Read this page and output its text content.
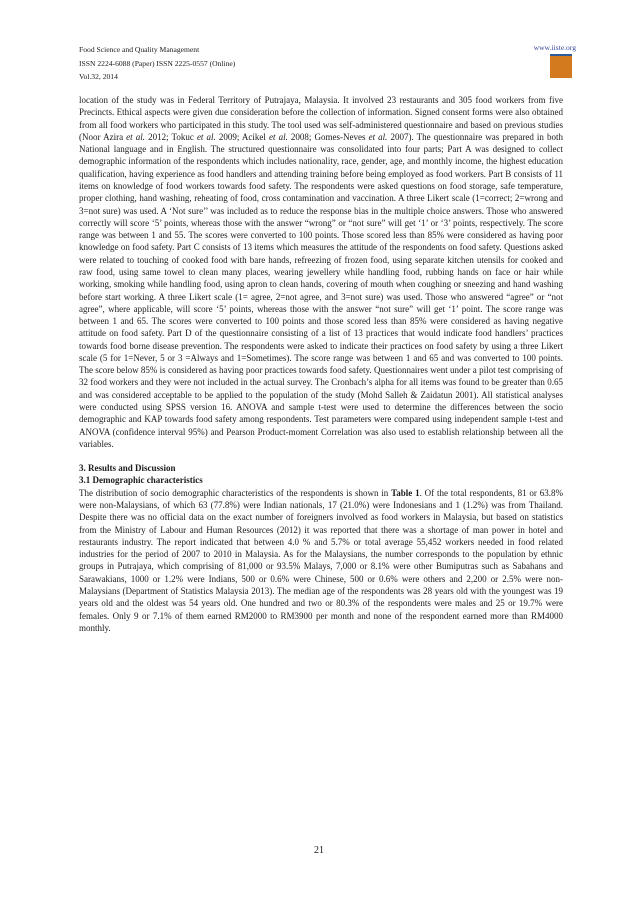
Food Science and Quality Management
ISSN 2224-6088 (Paper) ISSN 2225-0557 (Online)
Vol.32, 2014
www.iiste.org

location of the study was in Federal Territory of Putrajaya, Malaysia. It involved 23 restaurants and 305 food workers from five Precincts. Ethical aspects were given due consideration before the collection of information. Signed consent forms were also obtained from all food workers who participated in this study. The tool used was self-administered questionnaire and based on previous studies (Noor Azira et al. 2012; Tokuc et al. 2009; Acikel et al. 2008; Gomes-Neves et al. 2007). The questionnaire was prepared in both National language and in English. The structured questionnaire was consolidated into four parts; Part A was designed to collect demographic information of the respondents which includes nationality, race, gender, age, and monthly income, the highest education qualification, having experience as food handlers and attending training before being employed as food workers. Part B consists of 11 items on knowledge of food workers towards food safety. The respondents were asked questions on food storage, safe temperature, proper clothing, hand washing, reheating of food, cross contamination and vaccination. A three Likert scale (1=correct; 2=wrong and 3=not sure) was used. A ‘Not sure’’ was included as to reduce the response bias in the multiple choice answers. Those who answered correctly will score ‘5’ points, whereas those with the answer “wrong” or “not sure” will get ‘1’ or ‘3’ points, respectively. The score range was between 1 and 55. The scores were converted to 100 points. Those scored less than 85% were considered as having poor knowledge on food safety. Part C consists of 13 items which measures the attitude of the respondents on food safety. Questions asked were related to touching of cooked food with bare hands, refreezing of frozen food, using separate kitchen utensils for cooked and raw food, using same towel to clean many places, wearing jewellery while handling food, rubbing hands on face or hair while working, smoking while handling food, using apron to clean hands, covering of mouth when coughing or sneezing and hand washing before start working. A three Likert scale (1= agree, 2=not agree, and 3=not sure) was used. Those who answered “agree” or “not agree”, where applicable, will score ‘5’ points, whereas those with the answer “not sure” will get ‘1’ point. The score range was between 1 and 65. The scores were converted to 100 points and those scored less than 85% were considered as having negative attitude on food safety. Part D of the questionnaire consisting of a list of 13 practices that would indicate food handlers’ practices towards food borne disease prevention. The respondents were asked to indicate their practices on food safety by using a three Likert scale (5 for 1=Never, 5 or 3 =Always and 1=Sometimes). The score range was between 1 and 65 and was converted to 100 points. The score below 85% is considered as having poor practices towards food safety. Questionnaires went under a pilot test comprising of 32 food workers and they were not included in the actual survey. The Cronbach’s alpha for all items was found to be greater than 0.65 and was considered acceptable to be applied to the population of the study (Mohd Salleh & Zaidatun 2001). All statistical analyses were conducted using SPSS version 16. ANOVA and sample t-test were used to determine the differences between the socio demographic and KAP towards food safety among respondents. Test parameters were compared using independent sample t-test and ANOVA (confidence interval 95%) and Pearson Product-moment Correlation was also used to establish relationship between all the variables.

3. Results and Discussion

3.1 Demographic characteristics

The distribution of socio demographic characteristics of the respondents is shown in Table 1. Of the total respondents, 81 or 63.8% were non-Malaysians, of which 63 (77.8%) were Indian nationals, 17 (21.0%) were Indonesians and 1 (1.2%) was from Thailand. Despite there was no official data on the exact number of foreigners involved as food workers in Malaysia, but based on statistics from the Ministry of Labour and Human Resources (2012) it was reported that there was a shortage of man power in hotel and restaurants industry. The report indicated that between 4.0 % and 5.7% or total average 55,452 workers needed in food related industries for the period of 2007 to 2010 in Malaysia. As for the Malaysians, the number corresponds to the population by ethnic groups in Putrajaya, which comprising of 81,000 or 93.5% Malays, 7,000 or 8.1% were other Bumiputras such as Sabahans and Sarawakians, 1000 or 1.2% were Indians, 500 or 0.6% were Chinese, 500 or 0.6% were others and 2,200 or 2.5% were non-Malaysians (Department of Statistics Malaysia 2013). The median age of the respondents was 28 years old with the youngest was 19 years old and the oldest was 54 years old. One hundred and two or 80.3% of the respondents were males and 25 or 19.7% were females. Only 9 or 7.1% of them earned RM2000 to RM3900 per month and none of the respondent earned more than RM4000 monthly.

21
